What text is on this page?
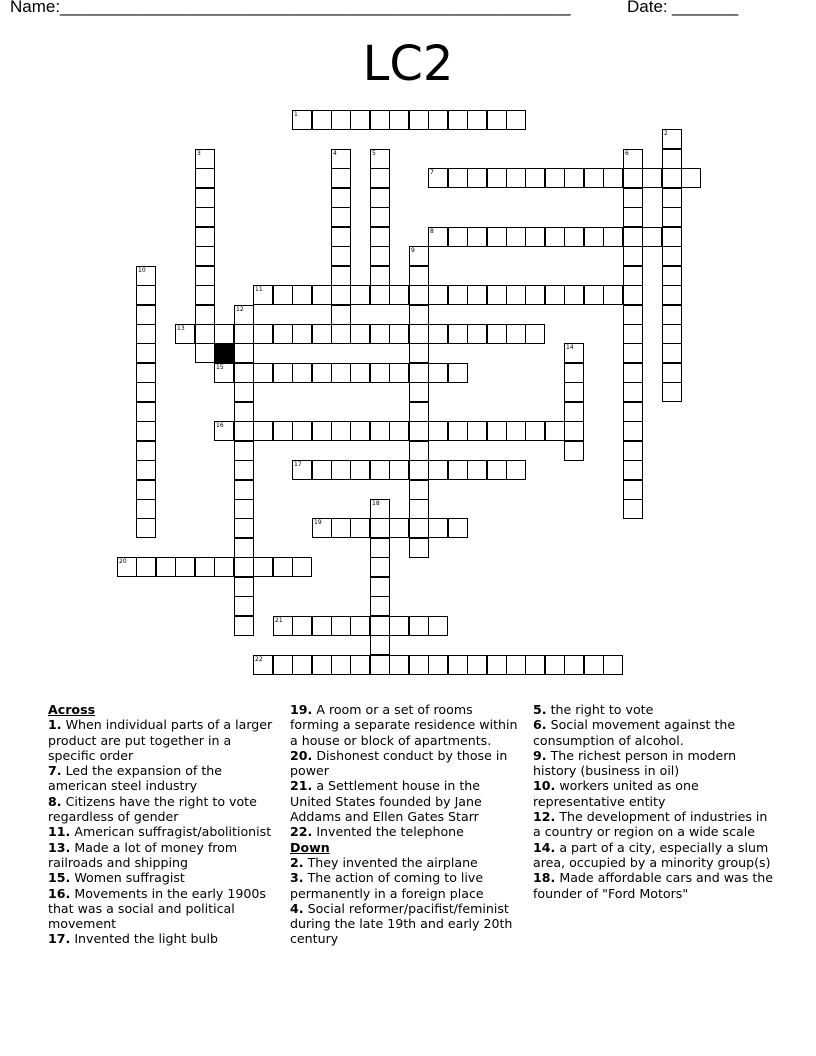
Name: ______________________________________________________	Date: _______
LC2
1
2
3	4	5	6
7
8
9
10
11
12
13
14
15
16
17
18
19
20
21
22
Across
1. When individual parts of a larger product are put together in a specific order
7. Led the expansion of the american steel industry
8. Citizens have the right to vote regardless of gender
11. American suffragist/abolitionist
13. Made a lot of money from railroads and shipping
15. Women suffragist
16. Movements in the early 1900s that was a social and political movement
17. Invented the light bulb
19. A room or a set of rooms forming a separate residence within a house or block of apartments.
20. Dishonest conduct by those in power
21. a Settlement house in the United States founded by Jane Addams and Ellen Gates Starr
22. Invented the telephone
Down
2. They invented the airplane
3. The action of coming to live permanently in a foreign place
4. Social reformer/pacifist/feminist during the late 19th and early 20th century
5. the right to vote
6. Social movement against the consumption of alcohol.
9. The richest person in modern history (business in oil)
10. workers united as one representative entity
12. The development of industries in a country or region on a wide scale
14. a part of a city, especially a slum area, occupied by a minority group(s)
18. Made affordable cars and was the founder of "Ford Motors"
